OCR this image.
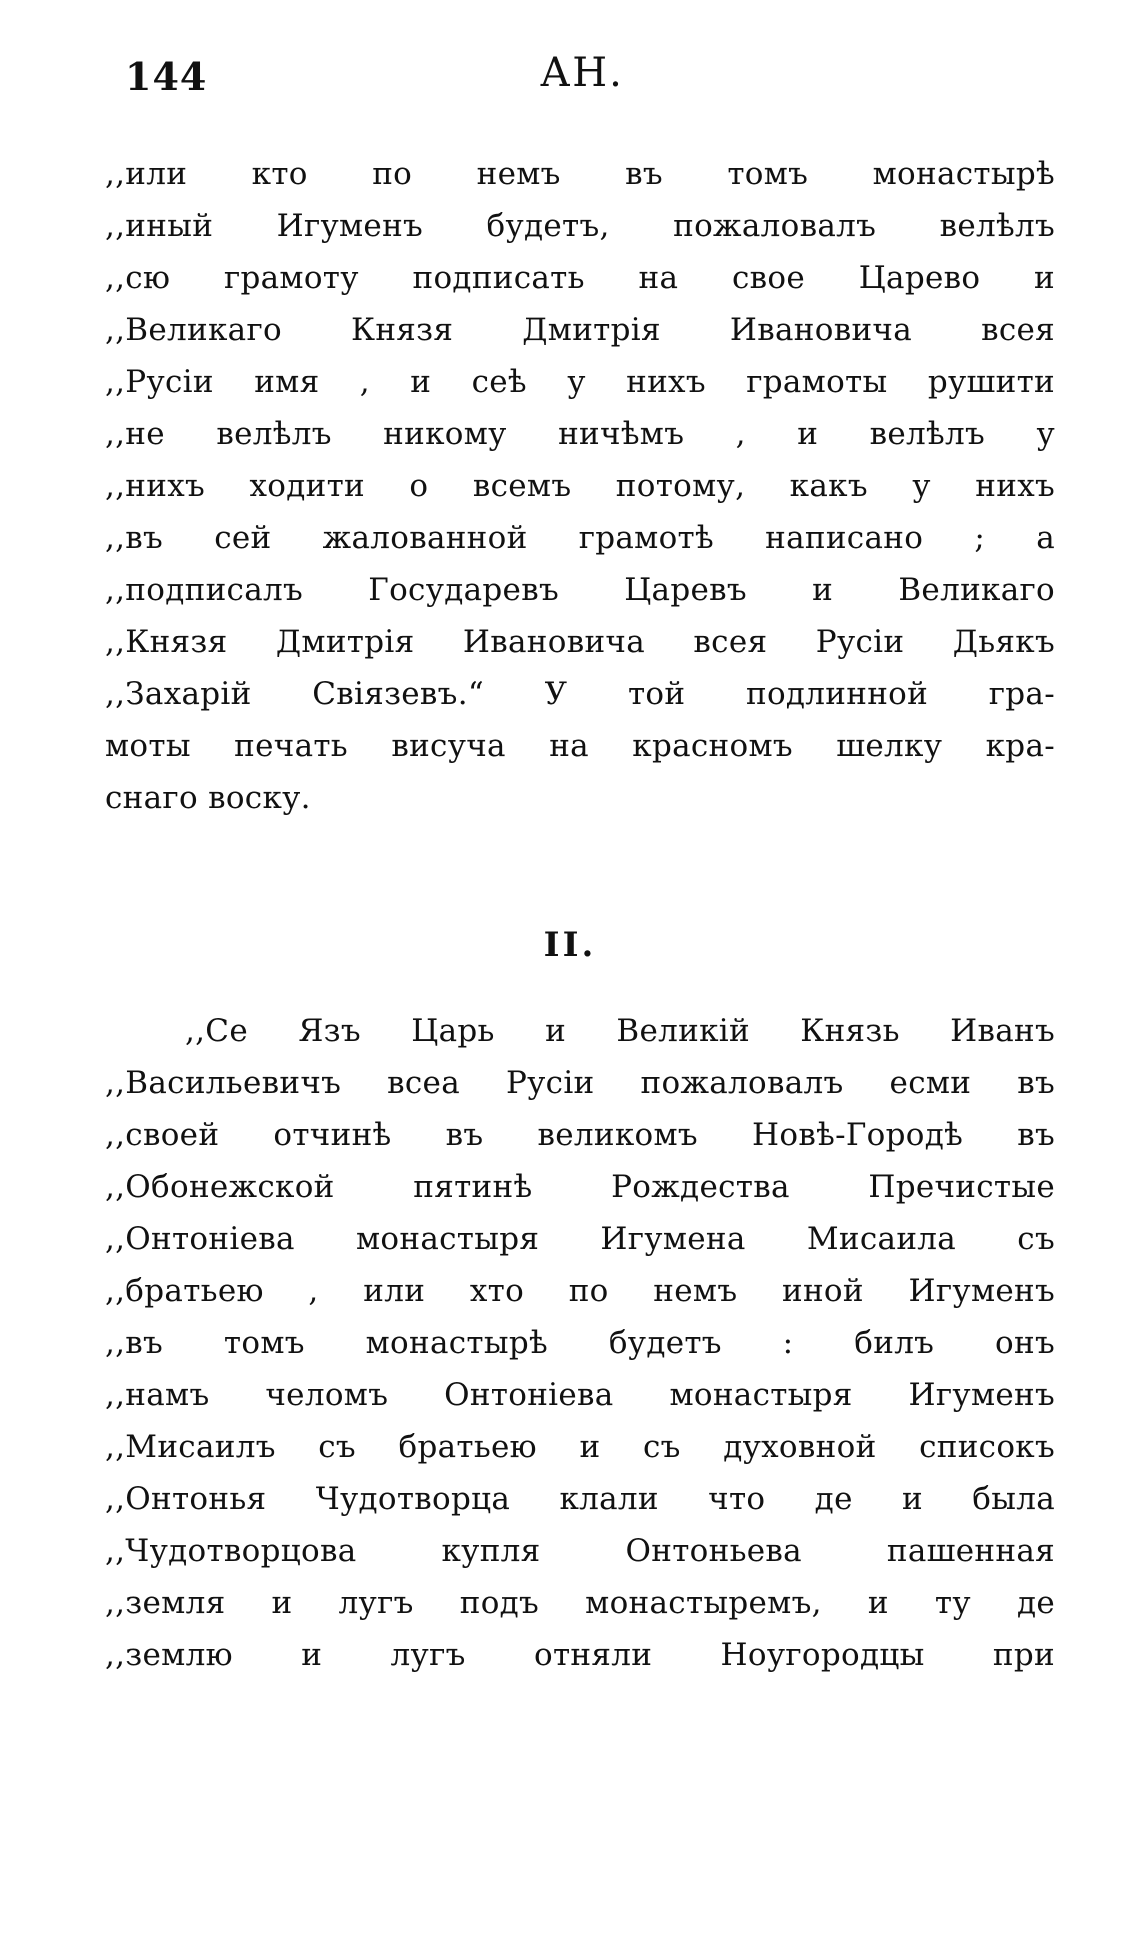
144	АН.
,,или кто по немъ въ томъ монастырѣ
,,иный Игуменъ будетъ, пожаловалъ велѣлъ
,,сю грамоту подписать на свое Царево и
,,Великаго Князя Дмитрія Ивановича всея
,,Русіи имя , и сеѣ у нихъ грамоты рушити
,,не велѣлъ никому ничѣмъ , и велѣлъ у
,,нихъ ходити о всемъ потому, какъ у нихъ
,,въ сей жалованной грамотѣ написано ; а
,,подписалъ Государевъ Царевъ и Великаго
,,Князя Дмитрія Ивановича всея Русіи Дьякъ
,,Захарій Свіязевъ.“ У той подлинной гра-
моты печать висуча на красномъ шелку кра-
снаго воску.
II.
,,Се Язъ Царь и Великій Князь Иванъ
,,Васильевичъ всеа Русіи пожаловалъ есми въ
,,своей отчинѣ въ великомъ Новѣ-Городѣ въ
,,Обонежской пятинѣ Рождества Пречистые
,,Онтоніева монастыря Игумена Мисаила съ
,,братьею , или хто по немъ иной Игуменъ
,,въ томъ монастырѣ будетъ : билъ онъ
,,намъ челомъ Онтоніева монастыря Игуменъ
,,Мисаилъ съ братьею и съ духовной списокъ
,,Онтонья Чудотворца клали что де и была
,,Чудотворцова купля Онтоньева пашенная
,,земля и лугъ подъ монастыремъ, и ту де
,,землю и лугъ отняли Ноугородцы при
